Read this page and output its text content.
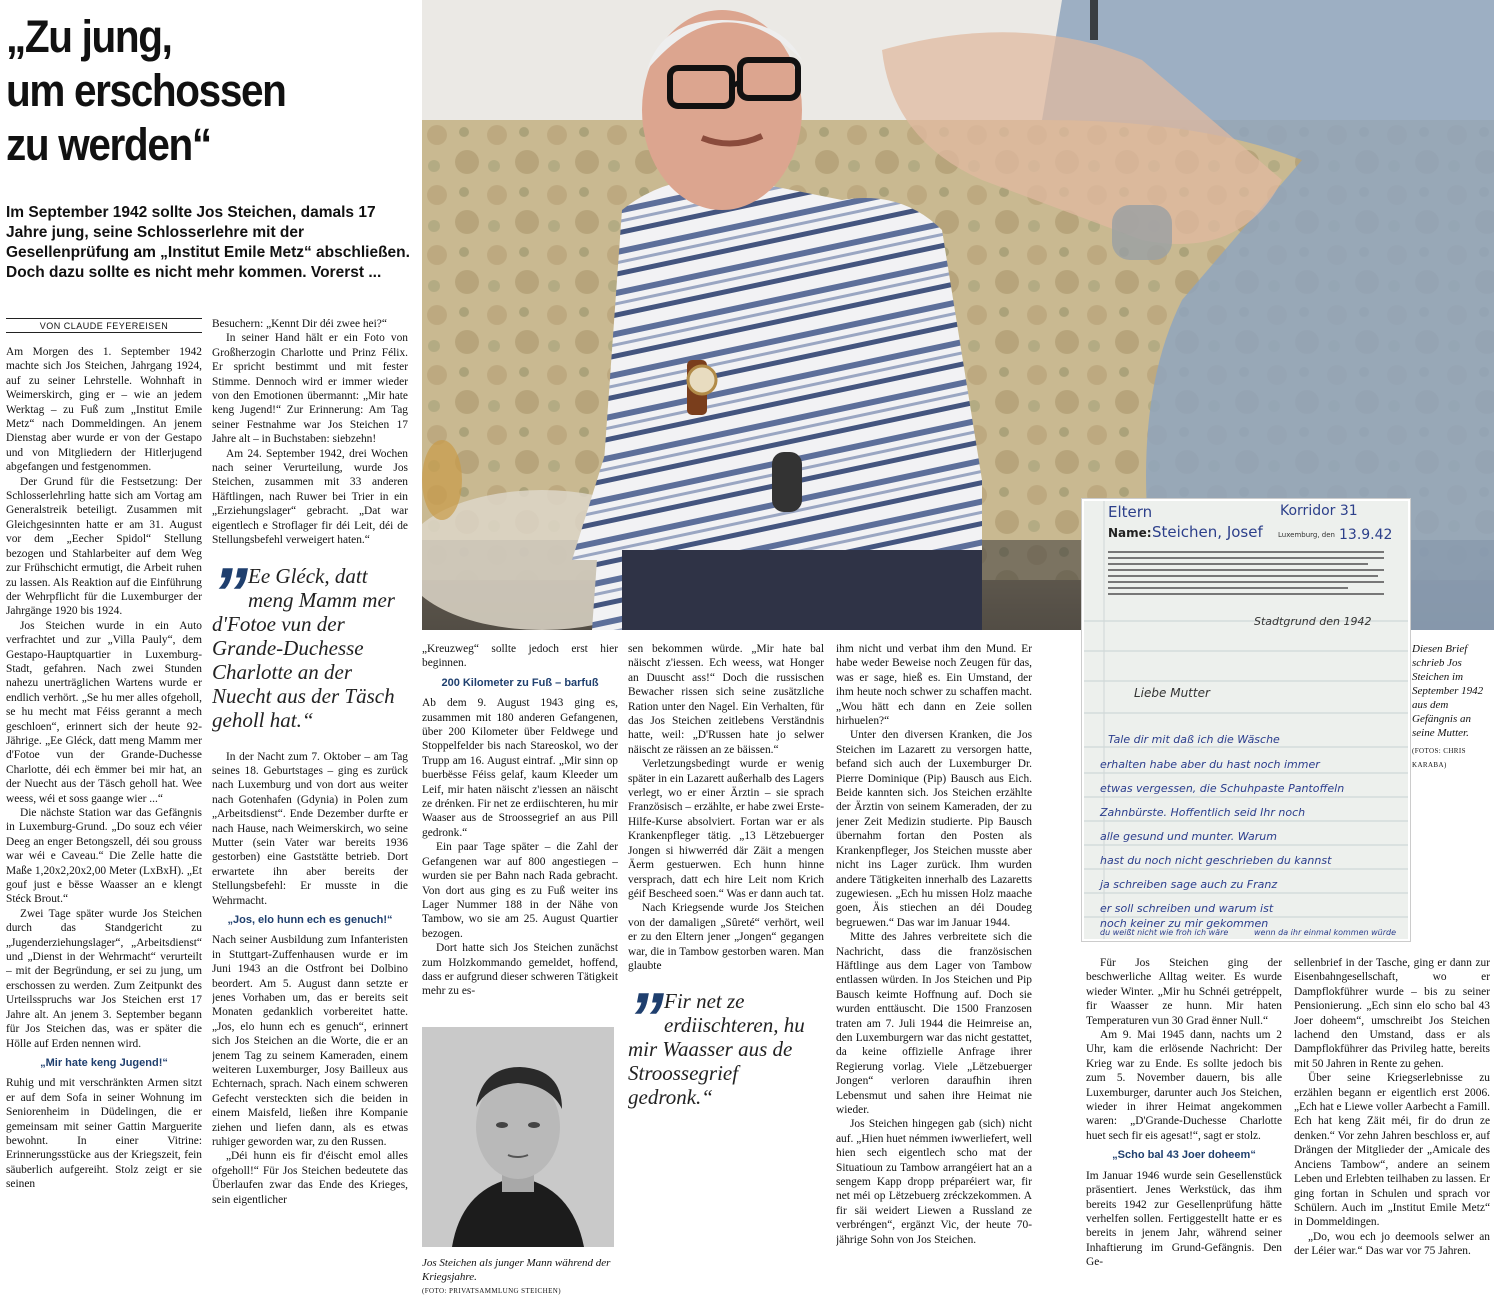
„Zu jung,
um erschossen
zu werden“

Im September 1942 sollte Jos Steichen, damals 17 Jahre jung, seine Schlosserlehre mit der Gesellenprüfung am „Institut Emile Metz“ abschließen. Doch dazu sollte es nicht mehr kommen. Vorerst ...

VON CLAUDE FEYEREISEN

Am Morgen des 1. September 1942 machte sich Jos Steichen, Jahrgang 1924, auf zu seiner Lehrstelle. Wohnhaft in Weimerskirch, ging er – wie an jedem Werktag – zu Fuß zum „Institut Emile Metz“ nach Dommeldingen. An jenem Dienstag aber wurde er von der Gestapo und von Mitgliedern der Hitlerjugend abgefangen und festgenommen.

Der Grund für die Festsetzung: Der Schlosserlehrling hatte sich am Vortag am Generalstreik beteiligt. Zusammen mit Gleichgesinnten hatte er am 31. August vor dem „Eecher Spidol“ Stellung bezogen und Stahlarbeiter auf dem Weg zur Frühschicht ermutigt, die Arbeit ruhen zu lassen. Als Reaktion auf die Einführung der Wehrpflicht für die Luxemburger der Jahrgänge 1920 bis 1924.

Jos Steichen wurde in ein Auto verfrachtet und zur „Villa Pauly“, dem Gestapo-Hauptquartier in Luxemburg-Stadt, gefahren. Nach zwei Stunden nahezu unerträglichen Wartens wurde er endlich verhört. „Se hu mer alles ofgeholl, se hu mecht mat Féiss gerannt a mech geschloen“, erinnert sich der heute 92-Jährige. „Ee Gléck, datt meng Mamm mer d'Fotoe vun der Grande-Duchesse Charlotte, déi ech ëmmer bei mir hat, an der Nuecht aus der Täsch geholl hat. Wee weess, wéi et soss gaange wier ...“

Die nächste Station war das Gefängnis in Luxemburg-Grund. „Do souz ech véier Deeg an enger Betongszell, déi sou grouss war wéi e Caveau.“ Die Zelle hatte die Maße 1,20x2,20x2,00 Meter (LxBxH). „Et gouf just e bësse Waasser an e klengt Stéck Brout.“

Zwei Tage später wurde Jos Steichen durch das Standgericht zu „Jugenderziehungslager“, „Arbeitsdienst“ und „Dienst in der Wehrmacht“ verurteilt – mit der Begründung, er sei zu jung, um erschossen zu werden. Zum Zeitpunkt des Urteilsspruchs war Jos Steichen erst 17 Jahre alt. An jenem 3. September begann für Jos Steichen das, was er später die Hölle auf Erden nennen wird.

„Mir hate keng Jugend!“

Ruhig und mit verschränkten Armen sitzt er auf dem Sofa in seiner Wohnung im Seniorenheim in Düdelingen, die er gemeinsam mit seiner Gattin Marguerite bewohnt. In einer Vitrine: Erinnerungsstücke aus der Kriegszeit, fein säuberlich aufgereiht. Stolz zeigt er sie seinen

Besuchern: „Kennt Dir déi zwee hei?“

In seiner Hand hält er ein Foto von Großherzogin Charlotte und Prinz Félix. Er spricht bestimmt und mit fester Stimme. Dennoch wird er immer wieder von den Emotionen übermannt: „Mir hate keng Jugend!“ Zur Erinnerung: Am Tag seiner Festnahme war Jos Steichen 17 Jahre alt – in Buchstaben: siebzehn!

Am 24. September 1942, drei Wochen nach seiner Verurteilung, wurde Jos Steichen, zusammen mit 33 anderen Häftlingen, nach Ruwer bei Trier in ein „Erziehungslager“ gebracht. „Dat war eigentlech e Stroflager fir déi Leit, déi de Stellungsbefehl verweigert haten.“

” Ee Gléck, datt meng Mamm mer d'Fotoe vun der Grande-Duchesse Charlotte an der Nuecht aus der Täsch geholl hat.“

In der Nacht zum 7. Oktober – am Tag seines 18. Geburtstages – ging es zurück nach Luxemburg und von dort aus weiter nach Gotenhafen (Gdynia) in Polen zum „Arbeitsdienst“. Ende Dezember durfte er nach Hause, nach Weimerskirch, wo seine Mutter (sein Vater war bereits 1936 gestorben) eine Gaststätte betrieb. Dort erwartete ihn aber bereits der Stellungsbefehl: Er musste in die Wehrmacht.

„Jos, elo hunn ech es genuch!“

Nach seiner Ausbildung zum Infanteristen in Stuttgart-Zuffenhausen wurde er im Juni 1943 an die Ostfront bei Dolbino beordert. Am 5. August dann setzte er jenes Vorhaben um, das er bereits seit Monaten gedanklich vorbereitet hatte. „Jos, elo hunn ech es genuch“, erinnert sich Jos Steichen an die Worte, die er an jenem Tag zu seinem Kameraden, einem weiteren Luxemburger, Josy Bailleux aus Echternach, sprach. Nach einem schweren Gefecht versteckten sich die beiden in einem Maisfeld, ließen ihre Kompanie ziehen und liefen dann, als es etwas ruhiger geworden war, zu den Russen.

„Déi hunn eis fir d'éischt emol alles ofgeholl!“ Für Jos Steichen bedeutete das Überlaufen zwar das Ende des Krieges, sein eigentlicher

„Kreuzweg“ sollte jedoch erst hier beginnen.

200 Kilometer zu Fuß – barfuß

Ab dem 9. August 1943 ging es, zusammen mit 180 anderen Gefangenen, über 200 Kilometer über Feldwege und Stoppelfelder bis nach Stareoskol, wo der Trupp am 16. August eintraf. „Mir sinn op buerbësse Féiss gelaf, kaum Kleeder um Leif, mir haten näischt z'iessen an näischt ze drénken. Fir net ze erdiischteren, hu mir Waaser aus de Stroossegrief an aus Pill gedronk.“

Ein paar Tage später – die Zahl der Gefangenen war auf 800 angestiegen – wurden sie per Bahn nach Rada gebracht. Von dort aus ging es zu Fuß weiter ins Lager Nummer 188 in der Nähe von Tambow, wo sie am 25. August Quartier bezogen.

Dort hatte sich Jos Steichen zunächst zum Holzkommando gemeldet, hoffend, dass er aufgrund dieser schweren Tätigkeit mehr zu es-

Jos Steichen als junger Mann während der Kriegsjahre.
(FOTO: PRIVATSAMMLUNG STEICHEN)

sen bekommen würde. „Mir hate bal näischt z'iessen. Ech weess, wat Honger an Duuscht ass!“ Doch die russischen Bewacher rissen sich seine zusätzliche Ration unter den Nagel. Ein Verhalten, für das Jos Steichen zeitlebens Verständnis hatte, weil: „D'Russen hate jo selwer näischt ze räissen an ze bäissen.“

Verletzungsbedingt wurde er wenig später in ein Lazarett außerhalb des Lagers verlegt, wo er einer Ärztin – sie sprach Französisch – erzählte, er habe zwei Erste-Hilfe-Kurse absolviert. Fortan war er als Krankenpfleger tätig. „13 Lëtzebuerger Jongen si hiwwerréd där Zäit a mengen Äerm gestuerwen. Ech hunn hinne versprach, datt ech hire Leit nom Krich géif Bescheed soen.“ Was er dann auch tat.

Nach Kriegsende wurde Jos Steichen von der damaligen „Sûreté“ verhört, weil er zu den Eltern jener „Jongen“ gegangen war, die in Tambow gestorben waren. Man glaubte

” Fir net ze erdiischteren, hu mir Waasser aus de Stroossegrief gedronk.“

ihm nicht und verbat ihm den Mund. Er habe weder Beweise noch Zeugen für das, was er sage, hieß es. Ein Umstand, der ihm heute noch schwer zu schaffen macht. „Wou hätt ech dann en Zeie sollen hirhuelen?“

Unter den diversen Kranken, die Jos Steichen im Lazarett zu versorgen hatte, befand sich auch der Luxemburger Dr. Pierre Dominique (Pip) Bausch aus Eich. Beide kannten sich. Jos Steichen erzählte der Ärztin von seinem Kameraden, der zu jener Zeit Medizin studierte. Pip Bausch übernahm fortan den Posten als Krankenpfleger, Jos Steichen musste aber nicht ins Lager zurück. Ihm wurden andere Tätigkeiten innerhalb des Lazaretts zugewiesen. „Ech hu missen Holz maache goen, Äis stiechen an déi Doudeg begruewen.“ Das war im Januar 1944.

Mitte des Jahres verbreitete sich die Nachricht, dass die französischen Häftlinge aus dem Lager von Tambow entlassen würden. In Jos Steichen und Pip Bausch keimte Hoffnung auf. Doch sie wurden enttäuscht. Die 1500 Franzosen traten am 7. Juli 1944 die Heimreise an, den Luxemburgern war das nicht gestattet, da keine offizielle Anfrage ihrer Regierung vorlag. Viele „Lëtzebuerger Jongen“ verloren daraufhin ihren Lebensmut und sahen ihre Heimat nie wieder.

Jos Steichen hingegen gab (sich) nicht auf. „Hien huet némmen iwwerliefert, well hien sech eigentlech scho mat der Situatioun zu Tambow arrangéiert hat an a sengem Kapp dropp préparéiert war, fir net méi op Lëtzebuerg zréckzekommen. A fir säi weidert Liewen a Russland ze verbréngen“, ergänzt Vic, der heute 70-jährige Sohn von Jos Steichen.

Eltern	Korridor 31
Name: Steichen, Josef Luxemburg, den 13.9.42
Stadtgrund den 1942
Liebe Mutter
Tale dir mit daß ich die Wäsche
erhalten habe aber du hast noch immer
etwas vergessen, die Schuhpaste Pantoffeln
Zahnbürste. Hoffentlich seid Ihr noch
alle gesund und munter. Warum
hast du noch nicht geschrieben du kannst
ja schreiben sage auch zu Franz
er soll schreiben und warum ist
noch keiner zu mir gekommen
du weißt nicht wie froh ich wäre	wenn da ihr einmal kommen würde
Diesen Brief schrieb Jos Steichen im September 1942 aus dem Gefängnis an seine Mutter.
(FOTOS: CHRIS KARABA)

Für Jos Steichen ging der beschwerliche Alltag weiter. Es wurde wieder Winter. „Mir hu Schnéi getréppelt, fir Waasser ze hunn. Mir haten Temperaturen vun 30 Grad ënner Null.“

Am 9. Mai 1945 dann, nachts um 2 Uhr, kam die erlösende Nachricht: Der Krieg war zu Ende. Es sollte jedoch bis zum 5. November dauern, bis alle Luxemburger, darunter auch Jos Steichen, wieder in ihrer Heimat angekommen waren: „D'Grande-Duchesse Charlotte huet sech fir eis agesat!“, sagt er stolz.

„Scho bal 43 Joer doheem“

Im Januar 1946 wurde sein Gesellenstück präsentiert. Jenes Werkstück, das ihm bereits 1942 zur Gesellenprüfung hätte verhelfen sollen. Fertiggestellt hatte er es bereits in jenem Jahr, während seiner Inhaftierung im Grund-Gefängnis. Den Ge-

sellenbrief in der Tasche, ging er dann zur Eisenbahngesellschaft, wo er Dampflokführer wurde – bis zu seiner Pensionierung. „Ech sinn elo scho bal 43 Joer doheem“, umschreibt Jos Steichen lachend den Umstand, dass er als Dampflokführer das Privileg hatte, bereits mit 50 Jahren in Rente zu gehen.

Über seine Kriegserlebnisse zu erzählen begann er eigentlich erst 2006. „Ech hat e Liewe voller Aarbecht a Famill. Ech hat keng Zäit méi, fir do drun ze denken.“ Vor zehn Jahren beschloss er, auf Drängen der Mitglieder der „Amicale des Anciens Tambow“, andere an seinem Leben und Erlebten teilhaben zu lassen. Er ging fortan in Schulen und sprach vor Schülern. Auch im „Institut Emile Metz“ in Dommeldingen.

„Do, wou ech jo deemools selwer an der Léier war.“ Das war vor 75 Jahren.
